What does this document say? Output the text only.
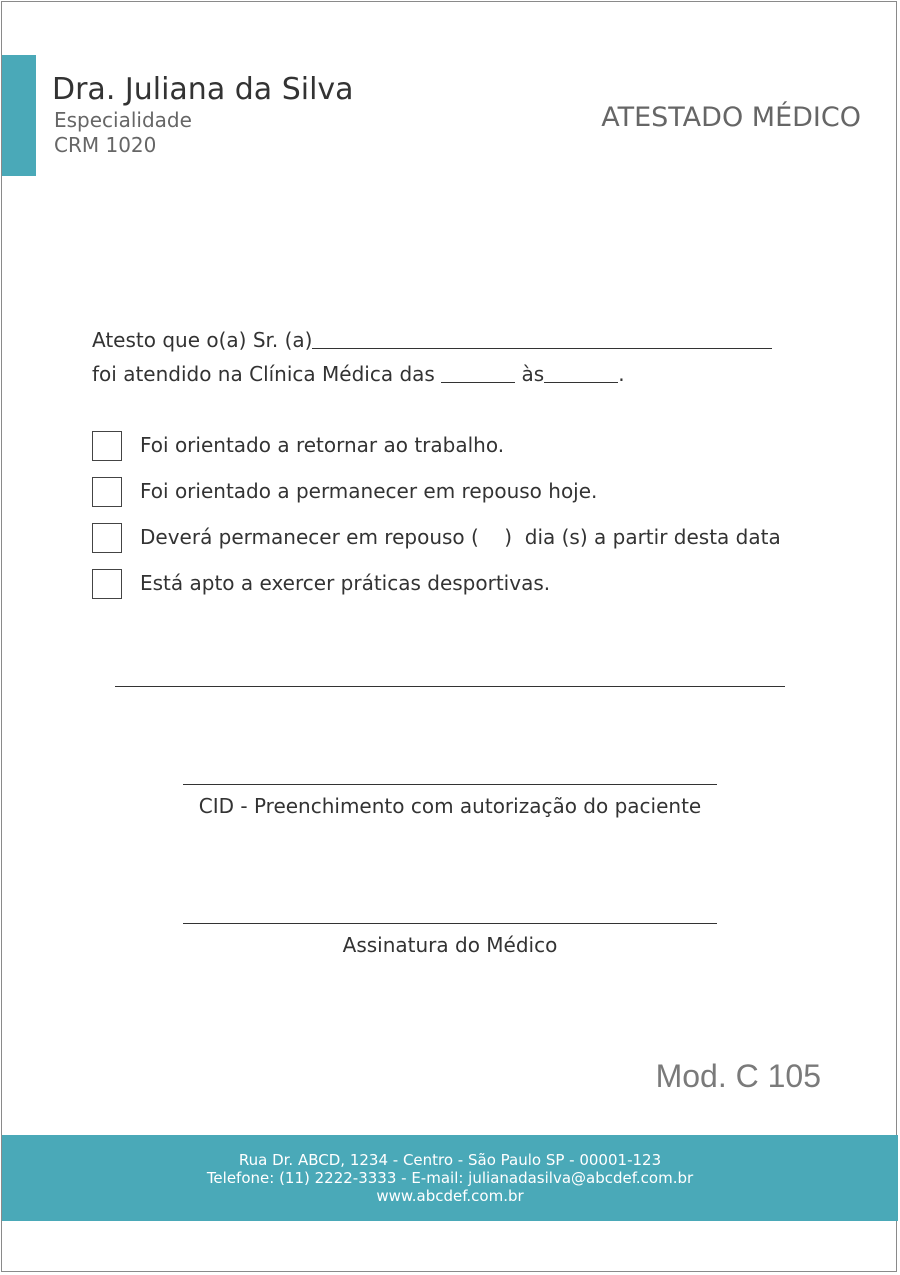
Dra. Juliana da Silva
Especialidade
CRM 1020
ATESTADO MÉDICO
Atesto que o(a) Sr. (a)
foi atendido na Clínica Médica das	às	.
Foi orientado a retornar ao trabalho.
Foi orientado a permanecer em repouso hoje.
Deverá permanecer em repouso (    )  dia (s) a partir desta data
Está apto a exercer práticas desportivas.
CID - Preenchimento com autorização do paciente
Assinatura do Médico
Mod. C 105
Rua Dr. ABCD, 1234 - Centro - São Paulo SP - 00001-123
Telefone: (11) 2222-3333 - E-mail: julianadasilva@abcdef.com.br
www.abcdef.com.br
